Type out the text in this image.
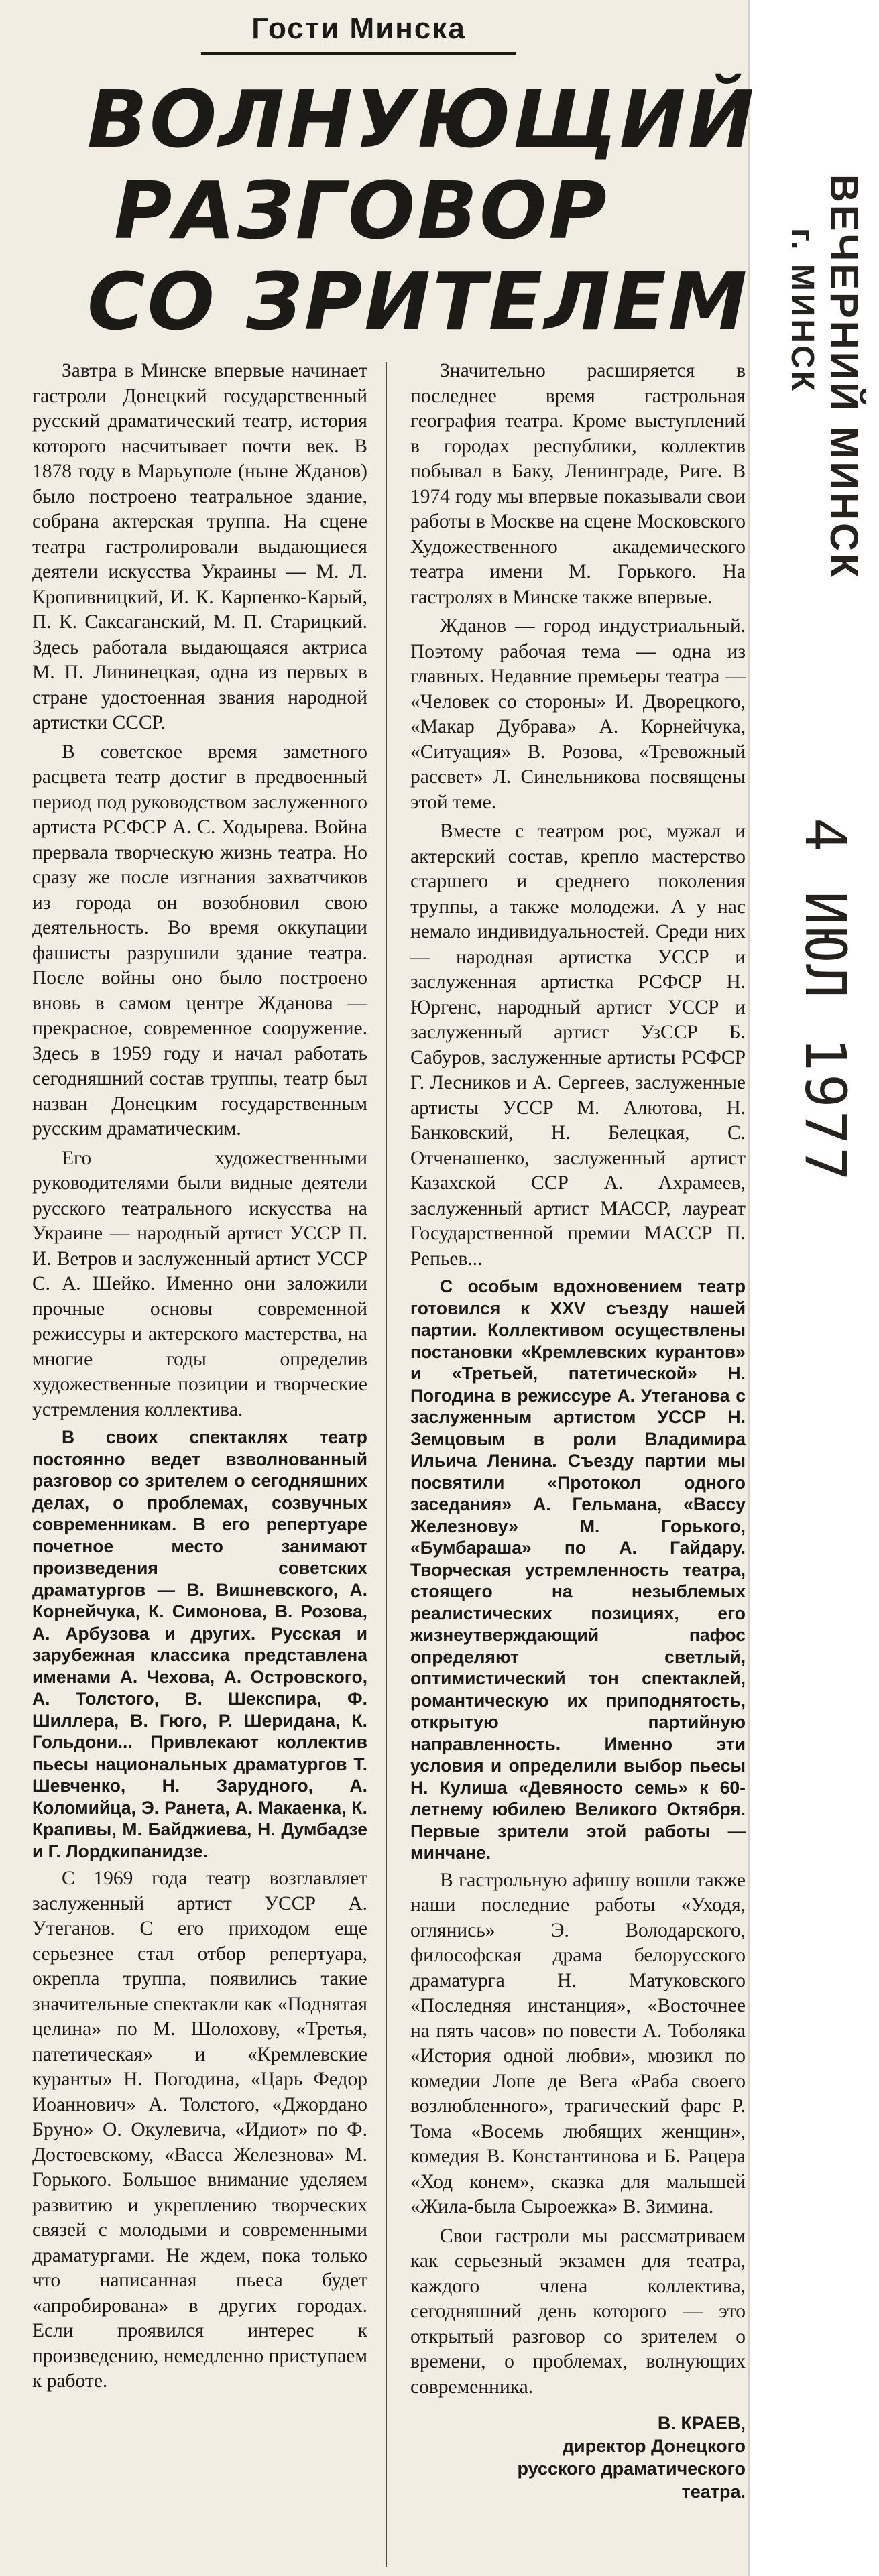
Гости Минска
ВОЛНУЮЩИЙ
РАЗГОВОР
СО ЗРИТЕЛЕМ

Завтра в Минске впервые начинает гастроли Донецкий государственный русский драматический театр, история которого насчитывает почти век. В 1878 году в Марьуполе (ныне Жданов) было построено театральное здание, собрана актерская труппа. На сцене театра гастролировали выдающиеся деятели искусства Украины — М. Л. Кропивницкий, И. К. Карпенко-Карый, П. К. Саксаганский, М. П. Старицкий. Здесь работала выдающаяся актриса М. П. Лининецкая, одна из первых в стране удостоенная звания народной артистки СССР.

В советское время заметного расцвета театр достиг в предвоенный период под руководством заслуженного артиста РСФСР А. С. Ходырева. Война прервала творческую жизнь театра. Но сразу же после изгнания захватчиков из города он возобновил свою деятельность. Во время оккупации фашисты разрушили здание театра. После войны оно было построено вновь в самом центре Жданова — прекрасное, современное сооружение. Здесь в 1959 году и начал работать сегодняшний состав труппы, театр был назван Донецким государственным русским драматическим.

Его художественными руководителями были видные деятели русского театрального искусства на Украине — народный артист УССР П. И. Ветров и заслуженный артист УССР С. А. Шейко. Именно они заложили прочные основы современной режиссуры и актерского мастерства, на многие годы определив художественные позиции и творческие устремления коллектива.

В своих спектаклях театр постоянно ведет взволнованный разговор со зрителем о сегодняшних делах, о проблемах, созвучных современникам. В его репертуаре почетное место занимают произведения советских драматургов — В. Вишневского, А. Корнейчука, К. Симонова, В. Розова, А. Арбузова и других. Русская и зарубежная классика представлена именами А. Чехова, А. Островского, А. Толстого, В. Шекспира, Ф. Шиллера, В. Гюго, Р. Шеридана, К. Гольдони... Привлекают коллектив пьесы национальных драматургов Т. Шевченко, Н. Зарудного, А. Коломийца, Э. Ранета, А. Макаенка, К. Крапивы, М. Байджиева, Н. Думбадзе и Г. Лордкипанидзе.

С 1969 года театр возглавляет заслуженный артист УССР А. Утеганов. С его приходом еще серьезнее стал отбор репертуара, окрепла труппа, появились такие значительные спектакли как «Поднятая целина» по М. Шолохову, «Третья, патетическая» и «Кремлевские куранты» Н. Погодина, «Царь Федор Иоаннович» А. Толстого, «Джордано Бруно» О. Окулевича, «Идиот» по Ф. Достоевскому, «Васса Железнова» М. Горького. Большое внимание уделяем развитию и укреплению творческих связей с молодыми и современными драматургами. Не ждем, пока только что написанная пьеса будет «апробирована» в других городах. Если проявился интерес к произведению, немедленно приступаем к работе.

Значительно расширяется в последнее время гастрольная география театра. Кроме выступлений в городах республики, коллектив побывал в Баку, Ленинграде, Риге. В 1974 году мы впервые показывали свои работы в Москве на сцене Московского Художественного академического театра имени М. Горького. На гастролях в Минске также впервые.

Жданов — город индустриальный. Поэтому рабочая тема — одна из главных. Недавние премьеры театра — «Человек со стороны» И. Дворецкого, «Макар Дубрава» А. Корнейчука, «Ситуация» В. Розова, «Тревожный рассвет» Л. Синельникова посвящены этой теме.

Вместе с театром рос, мужал и актерский состав, крепло мастерство старшего и среднего поколения труппы, а также молодежи. А у нас немало индивидуальностей. Среди них — народная артистка УССР и заслуженная артистка РСФСР Н. Юргенс, народный артист УССР и заслуженный артист УзССР Б. Сабуров, заслуженные артисты РСФСР Г. Лесников и А. Сергеев, заслуженные артисты УССР М. Алютова, Н. Банковский, Н. Белецкая, С. Отченашенко, заслуженный артист Казахской ССР А. Ахрамеев, заслуженный артист МАССР, лауреат Государственной премии МАССР П. Репьев...

С особым вдохновением театр готовился к XXV съезду нашей партии. Коллективом осуществлены постановки «Кремлевских курантов» и «Третьей, патетической» Н. Погодина в режиссуре А. Утеганова с заслуженным артистом УССР Н. Земцовым в роли Владимира Ильича Ленина. Съезду партии мы посвятили «Протокол одного заседания» А. Гельмана, «Вассу Железнову» М. Горького, «Бумбараша» по А. Гайдару. Творческая устремленность театра, стоящего на незыблемых реалистических позициях, его жизнеутверждающий пафос определяют светлый, оптимистический тон спектаклей, романтическую их приподнятость, открытую партийную направленность. Именно эти условия и определили выбор пьесы Н. Кулиша «Девяносто семь» к 60-летнему юбилею Великого Октября. Первые зрители этой работы — минчане.

В гастрольную афишу вошли также наши последние работы «Уходя, оглянись» Э. Володарского, философская драма белорусского драматурга Н. Матуковского «Последняя инстанция», «Восточнее на пять часов» по повести А. Тоболяка «История одной любви», мюзикл по комедии Лопе де Вега «Раба своего возлюбленного», трагический фарс Р. Тома «Восемь любящих женщин», комедия В. Константинова и Б. Рацера «Ход конем», сказка для малышей «Жила-была Сыроежка» В. Зимина.

Свои гастроли мы рассматриваем как серьезный экзамен для театра, каждого члена коллектива, сегодняшний день которого — это открытый разговор со зрителем о времени, о проблемах, волнующих современника.

В. КРАЕВ,
директор Донецкого
русского драматического
театра.
ВЕЧЕРНИЙ МИНСК
г. МИНСК
4 ИЮЛ 1977
